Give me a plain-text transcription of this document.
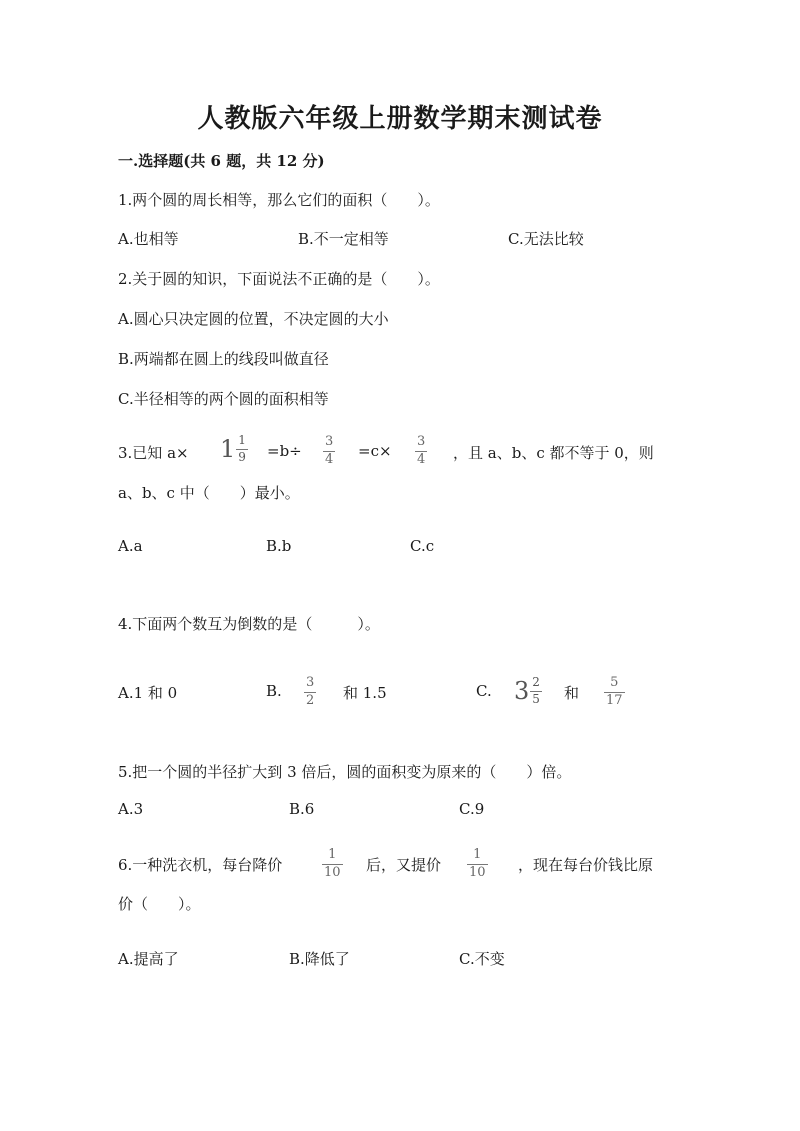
人教版六年级上册数学期末测试卷
一.选择题(共 6 题，共 12 分)
1.两个圆的周长相等，那么它们的面积（　　）。
A.也相等	B.不一定相等	C.无法比较
2.关于圆的知识，下面说法不正确的是（　　）。
A.圆心只决定圆的位置，不决定圆的大小
B.两端都在圆上的线段叫做直径
C.半径相等的两个圆的面积相等
3.已知 $a\times 1 \frac{1}{9} =b\div$
3
4 =c×
3
4 ，且 a、b、c 都不等于 0，则
a、b、c 中（　　）最小。
A.a	B.b	C.c
4.下面两个数互为倒数的是（　　　）。
A.1 和 0	B. 3
2 和 1.5	C. $3 \frac{2}{5}$ 和
5
17
5.把一个圆的半径扩大到 3 倍后，圆的面积变为原来的（　　）倍。
A.3	B.6	C.9
6.一种洗衣机，每台降价
1
10 后，又提价
1
10 ，现在每台价钱比原
价（　　）。
A.提高了	B.降低了	C.不变
